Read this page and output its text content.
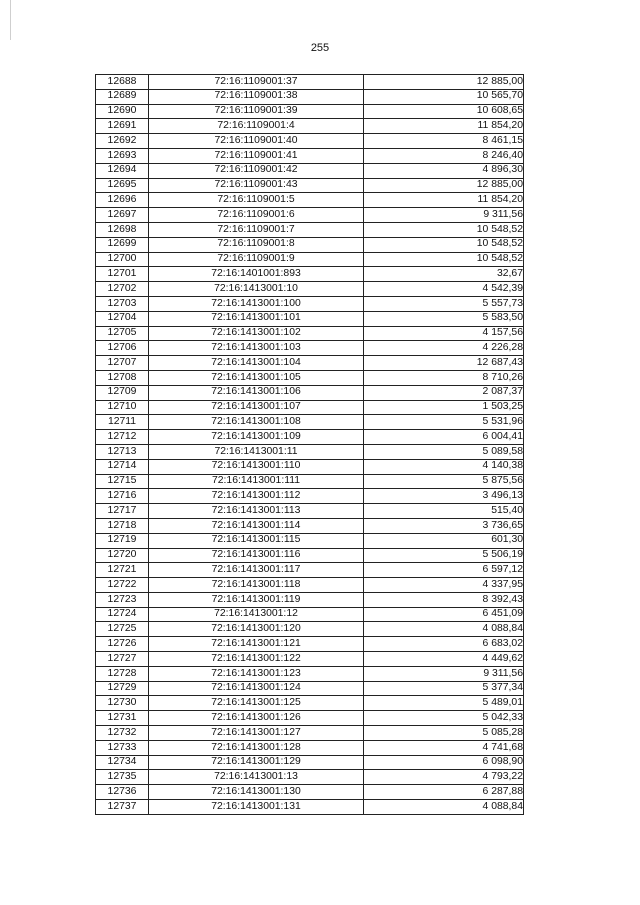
255
12688	72:16:1109001:37	12 885,00
12689	72:16:1109001:38	10 565,70
12690	72:16:1109001:39	10 608,65
12691	72:16:1109001:4	11 854,20
12692	72:16:1109001:40	8 461,15
12693	72:16:1109001:41	8 246,40
12694	72:16:1109001:42	4 896,30
12695	72:16:1109001:43	12 885,00
12696	72:16:1109001:5	11 854,20
12697	72:16:1109001:6	9 311,56
12698	72:16:1109001:7	10 548,52
12699	72:16:1109001:8	10 548,52
12700	72:16:1109001:9	10 548,52
12701	72:16:1401001:893	32,67
12702	72:16:1413001:10	4 542,39
12703	72:16:1413001:100	5 557,73
12704	72:16:1413001:101	5 583,50
12705	72:16:1413001:102	4 157,56
12706	72:16:1413001:103	4 226,28
12707	72:16:1413001:104	12 687,43
12708	72:16:1413001:105	8 710,26
12709	72:16:1413001:106	2 087,37
12710	72:16:1413001:107	1 503,25
12711	72:16:1413001:108	5 531,96
12712	72:16:1413001:109	6 004,41
12713	72:16:1413001:11	5 089,58
12714	72:16:1413001:110	4 140,38
12715	72:16:1413001:111	5 875,56
12716	72:16:1413001:112	3 496,13
12717	72:16:1413001:113	515,40
12718	72:16:1413001:114	3 736,65
12719	72:16:1413001:115	601,30
12720	72:16:1413001:116	5 506,19
12721	72:16:1413001:117	6 597,12
12722	72:16:1413001:118	4 337,95
12723	72:16:1413001:119	8 392,43
12724	72:16:1413001:12	6 451,09
12725	72:16:1413001:120	4 088,84
12726	72:16:1413001:121	6 683,02
12727	72:16:1413001:122	4 449,62
12728	72:16:1413001:123	9 311,56
12729	72:16:1413001:124	5 377,34
12730	72:16:1413001:125	5 489,01
12731	72:16:1413001:126	5 042,33
12732	72:16:1413001:127	5 085,28
12733	72:16:1413001:128	4 741,68
12734	72:16:1413001:129	6 098,90
12735	72:16:1413001:13	4 793,22
12736	72:16:1413001:130	6 287,88
12737	72:16:1413001:131	4 088,84
